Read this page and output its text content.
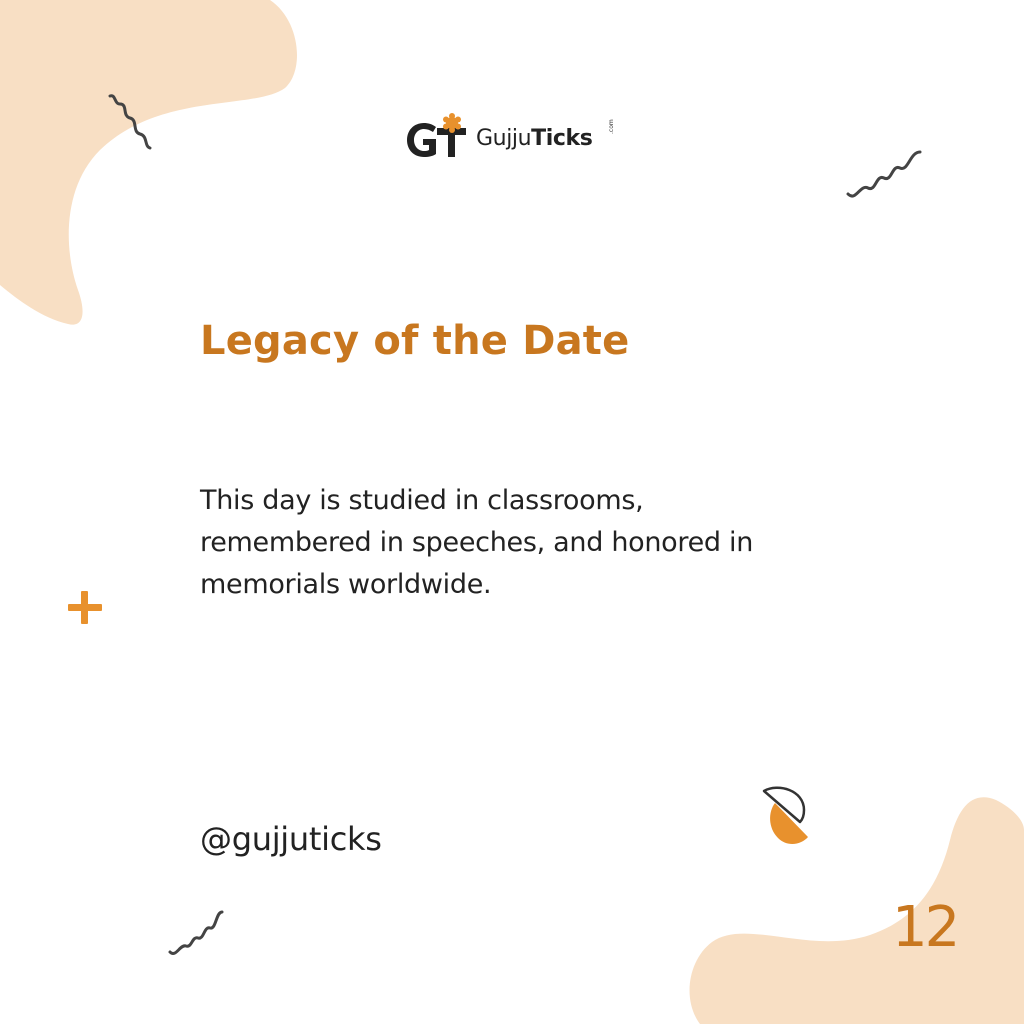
GujjuTicks	.com
Legacy of the Date

This day is studied in classrooms, remembered in speeches, and honored in memorials worldwide.

@gujjuticks
12
